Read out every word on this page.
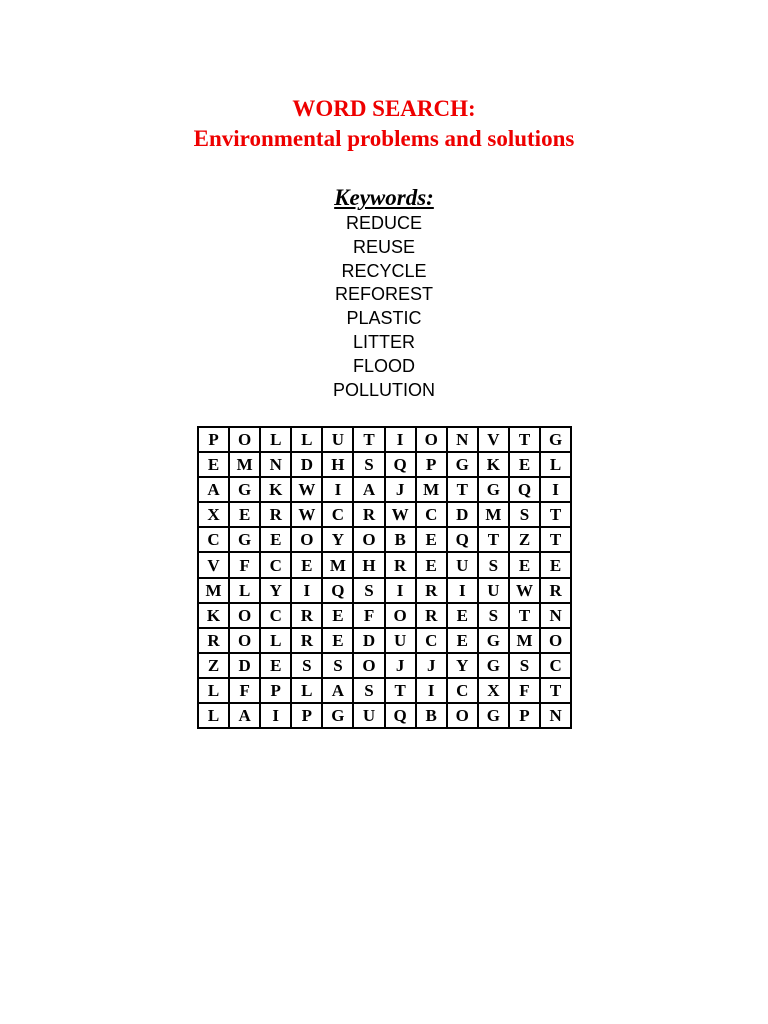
WORD SEARCH:
Environmental problems and solutions
Keywords:
REDUCE
REUSE
RECYCLE
REFOREST
PLASTIC
LITTER
FLOOD
POLLUTION
P	O	L	L	U	T	I	O	N	V	T	G
E	M	N	D	H	S	Q	P	G	K	E	L
A	G	K	W	I	A	J	M	T	G	Q	I
X	E	R	W	C	R	W	C	D	M	S	T
C	G	E	O	Y	O	B	E	Q	T	Z	T
V	F	C	E	M	H	R	E	U	S	E	E
M	L	Y	I	Q	S	I	R	I	U	W	R
K	O	C	R	E	F	O	R	E	S	T	N
R	O	L	R	E	D	U	C	E	G	M	O
Z	D	E	S	S	O	J	J	Y	G	S	C
L	F	P	L	A	S	T	I	C	X	F	T
L	A	I	P	G	U	Q	B	O	G	P	N
